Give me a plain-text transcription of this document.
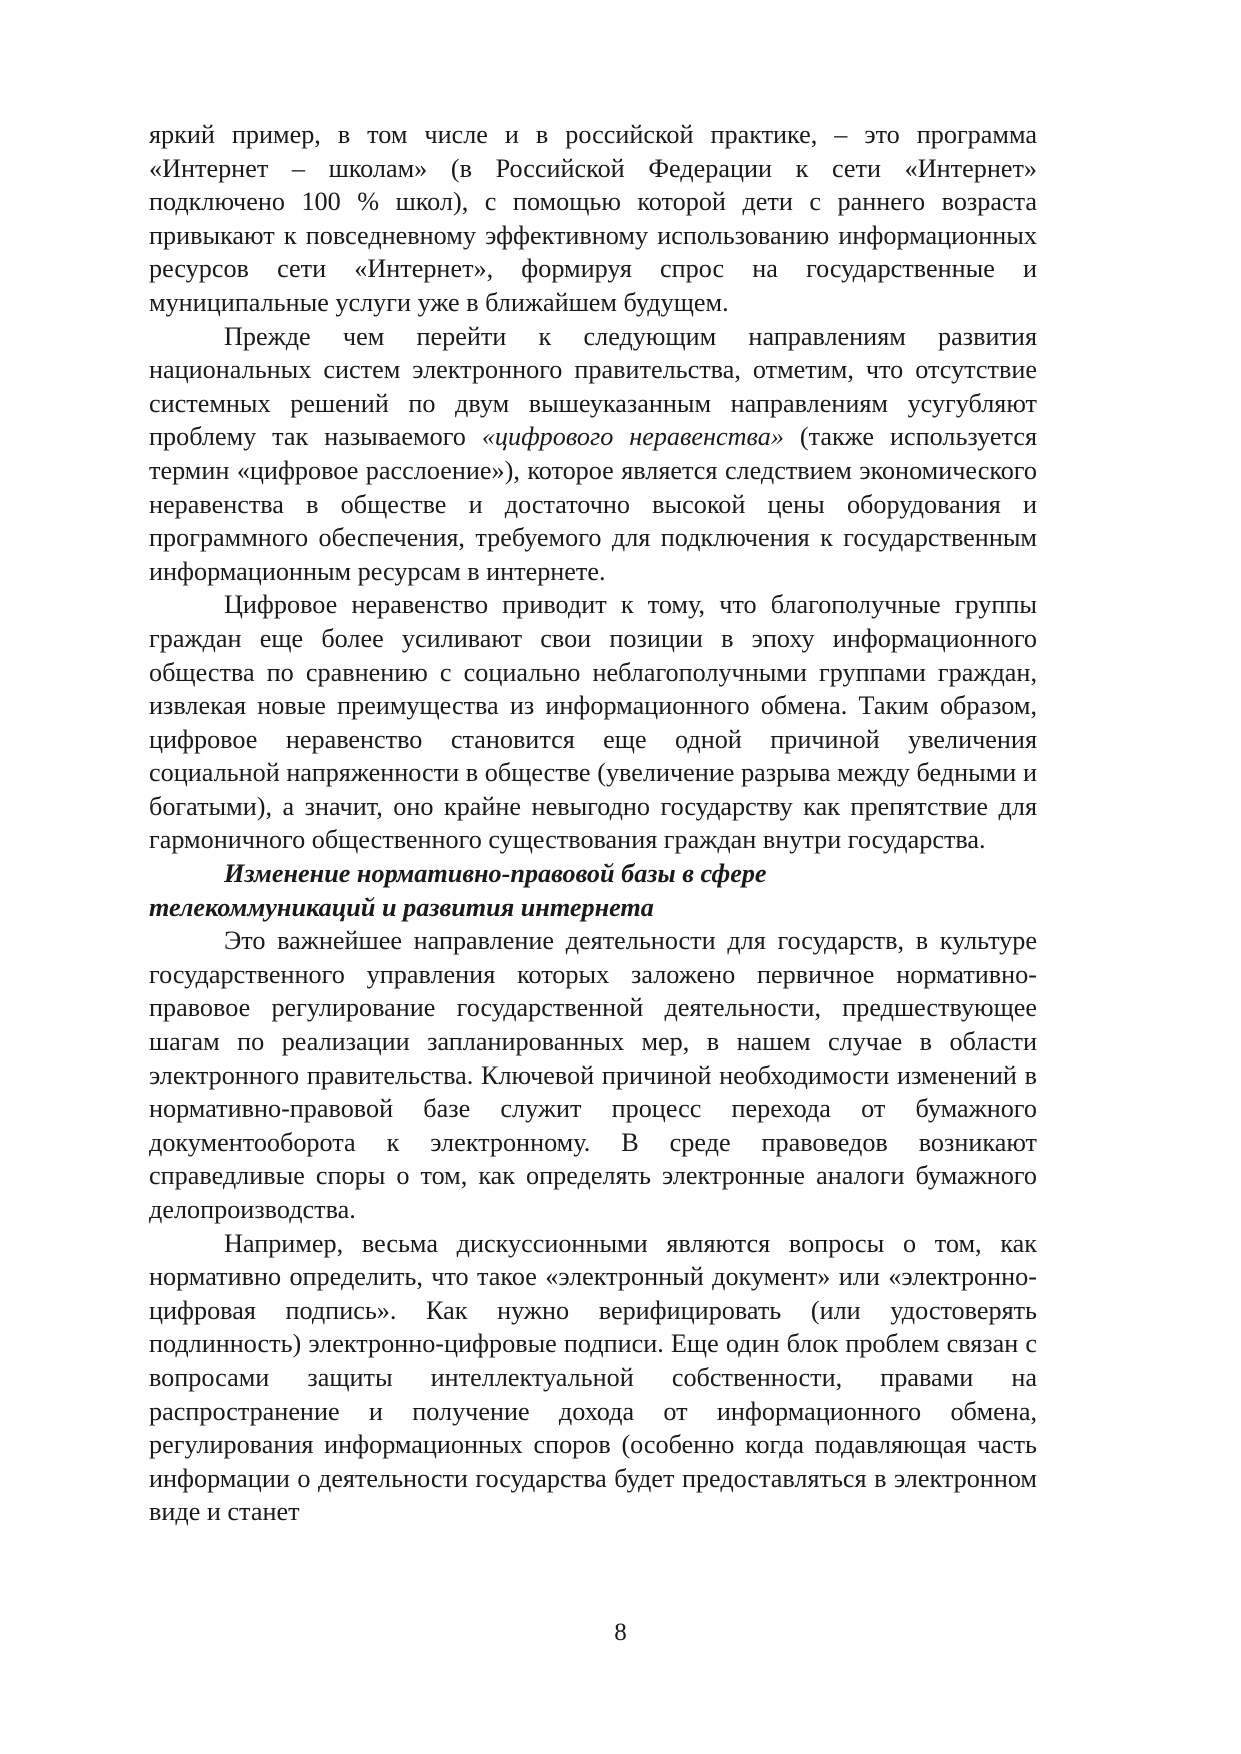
яркий пример, в том числе и в российской практике, – это программа «Интернет – школам» (в Российской Федерации к сети «Интернет» подключено 100 % школ), с помощью которой дети с раннего возраста привыкают к повседневному эффективному использованию информационных ресурсов сети «Интернет», формируя спрос на государственные и муниципальные услуги уже в ближайшем будущем.

Прежде чем перейти к следующим направлениям развития национальных систем электронного правительства, отметим, что отсутствие системных решений по двум вышеуказанным направлениям усугубляют проблему так называемого «цифрового неравенства» (также используется термин «цифровое расслоение»), которое является следствием экономического неравенства в обществе и достаточно высокой цены оборудования и программного обеспечения, требуемого для подключения к государственным информационным ресурсам в интернете.

Цифровое неравенство приводит к тому, что благополучные группы граждан еще более усиливают свои позиции в эпоху информационного общества по сравнению с социально неблагополучными группами граждан, извлекая новые преимущества из информационного обмена. Таким образом, цифровое неравенство становится еще одной причиной увеличения социальной напряженности в обществе (увеличение разрыва между бедными и богатыми), а значит, оно крайне невыгодно государству как препятствие для гармоничного общественного существования граждан внутри государства.

Изменение нормативно-правовой базы в сфере
телекоммуникаций и развития интернета

Это важнейшее направление деятельности для государств, в культуре государственного управления которых заложено первичное нормативно-правовое регулирование государственной деятельности, предшествующее шагам по реализации запланированных мер, в нашем случае в области электронного правительства. Ключевой причиной необходимости изменений в нормативно-правовой базе служит процесс перехода от бумажного документооборота к электронному. В среде правоведов возникают справедливые споры о том, как определять электронные аналоги бумажного делопроизводства.

Например, весьма дискуссионными являются вопросы о том, как нормативно определить, что такое «электронный документ» или «электронно-цифровая подпись». Как нужно верифицировать (или удостоверять подлинность) электронно-цифровые подписи. Еще один блок проблем связан с вопросами защиты интеллектуальной собственности, правами на распространение и получение дохода от информационного обмена, регулирования информационных споров (особенно когда подавляющая часть информации о деятельности государства будет предоставляться в электронном виде и станет

8
